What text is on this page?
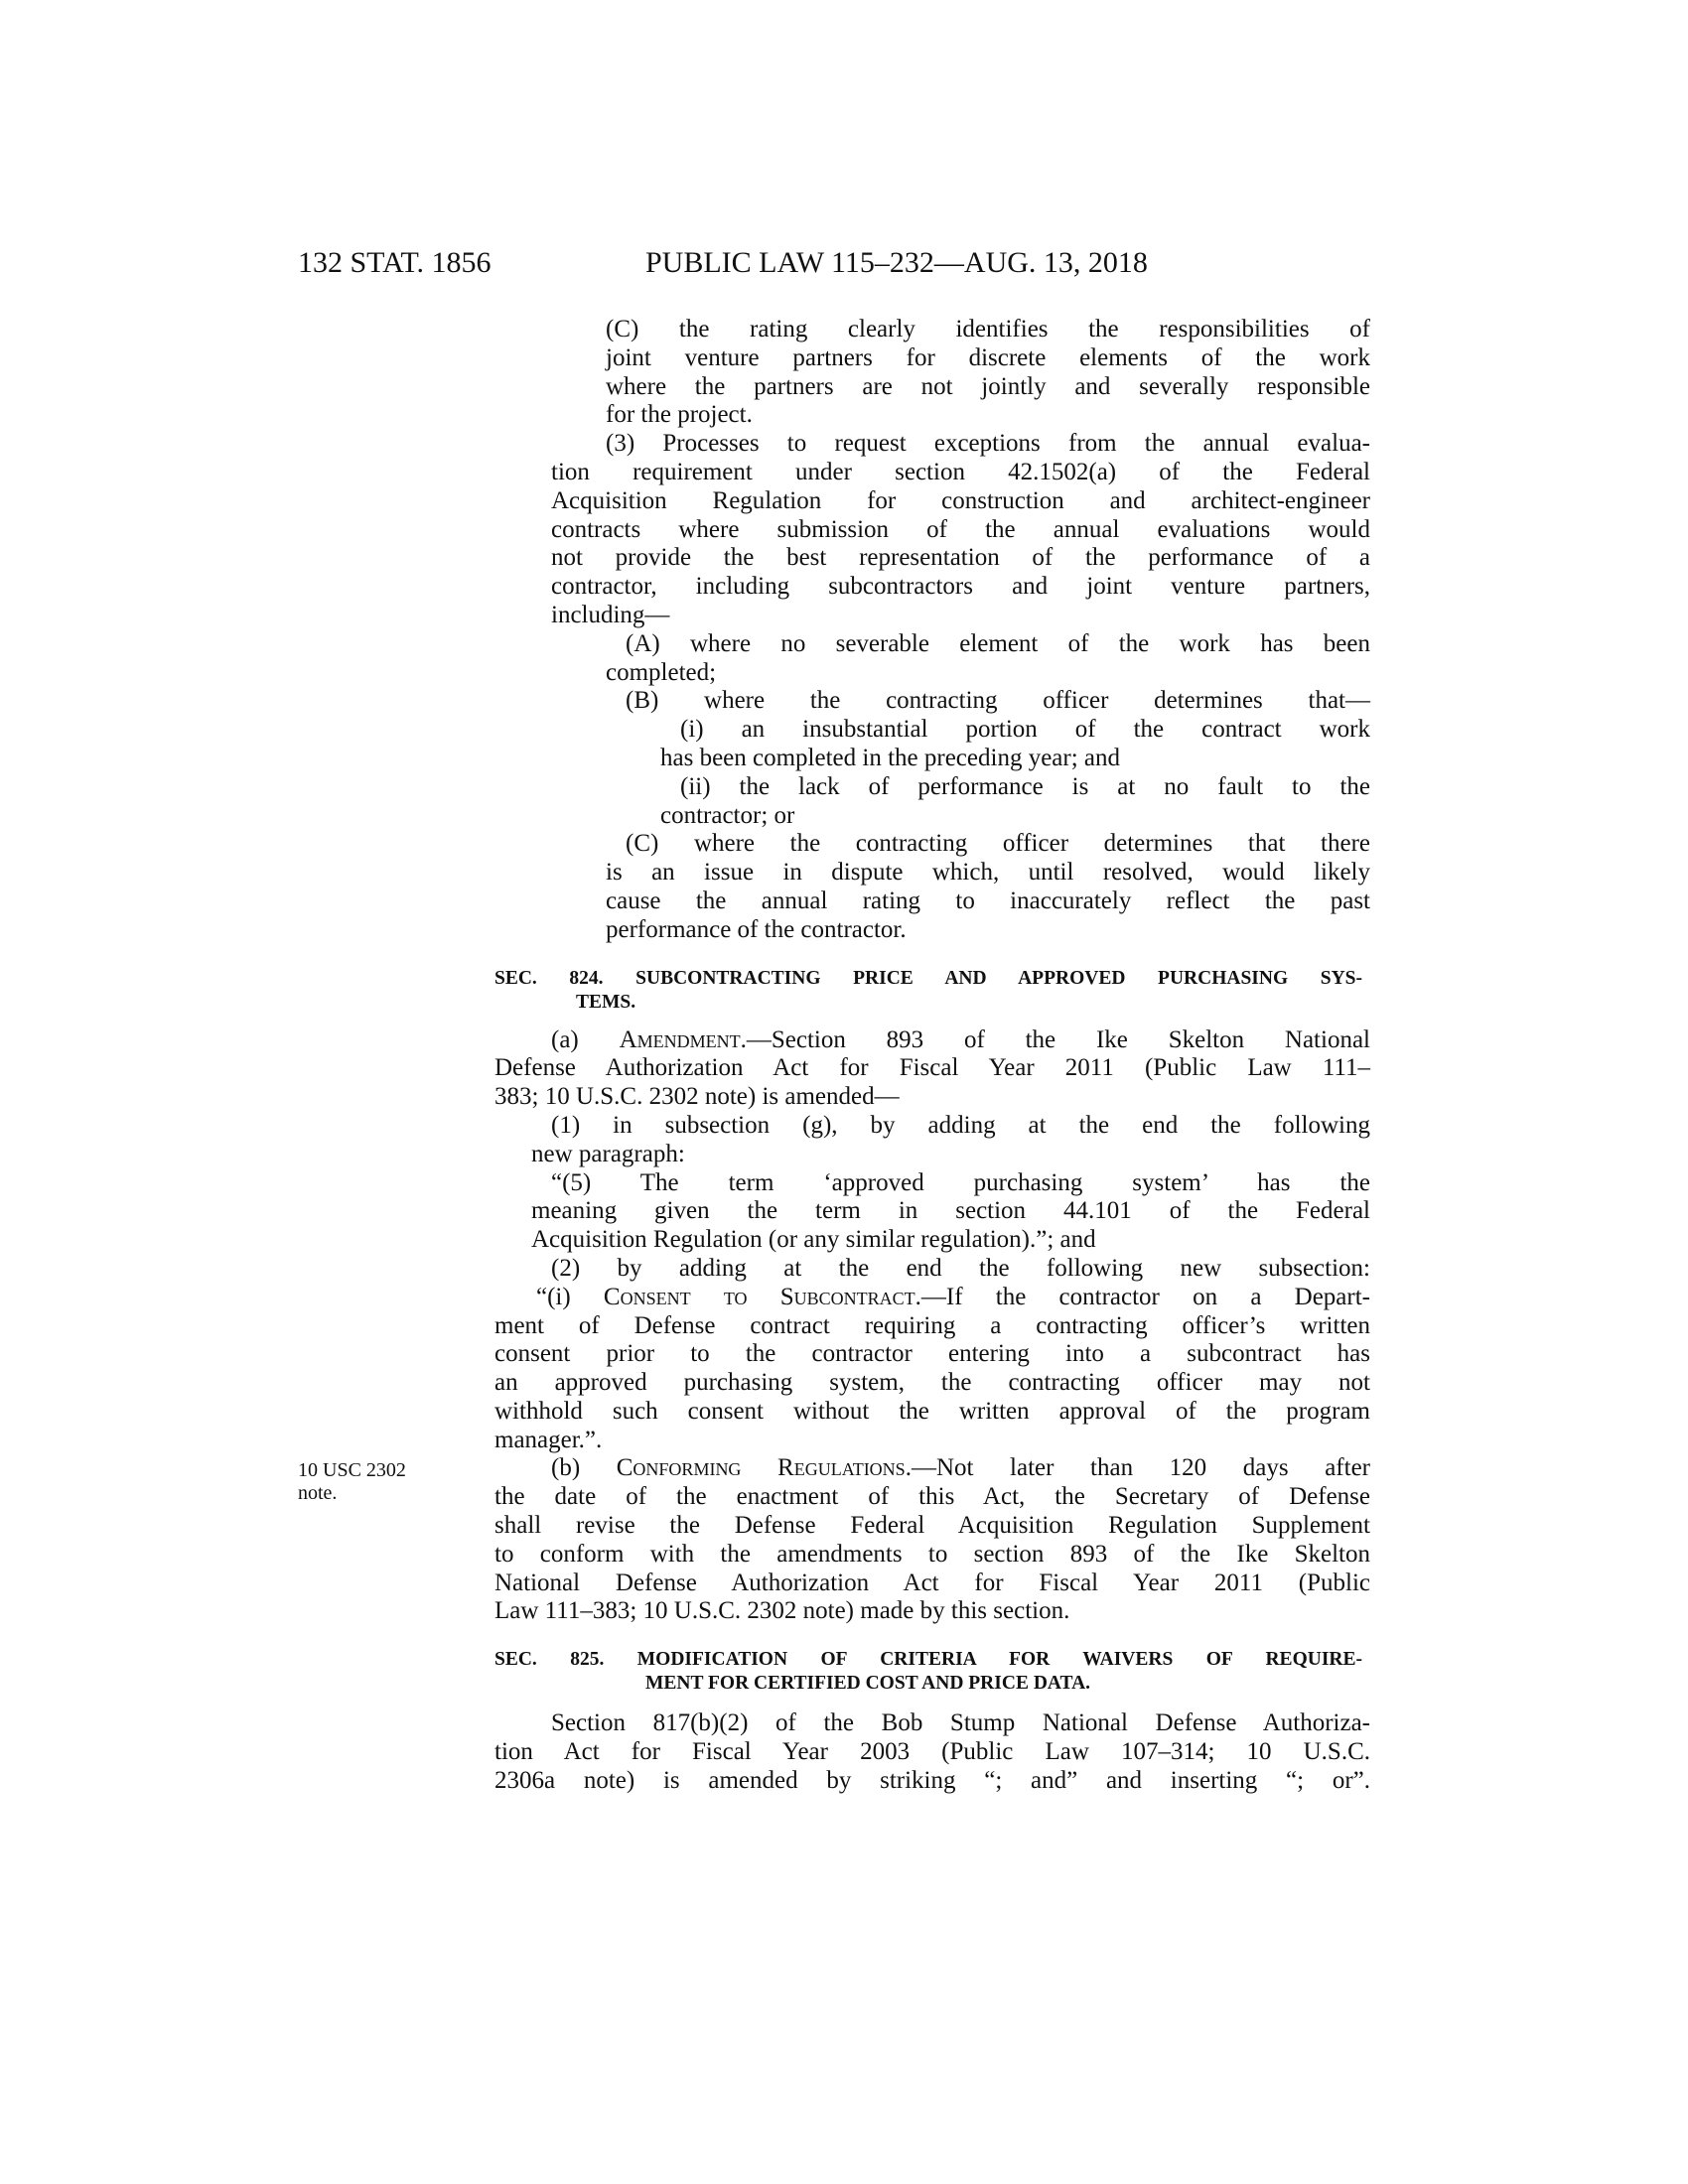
132 STAT. 1856	PUBLIC LAW 115–232—AUG. 13, 2018
10 USC 2302
note.
(C) the rating clearly identifies the responsibilities of
joint venture partners for discrete elements of the work
where the partners are not jointly and severally responsible
for the project.
(3) Processes to request exceptions from the annual evalua-
tion requirement under section 42.1502(a) of the Federal
Acquisition Regulation for construction and architect-engineer
contracts where submission of the annual evaluations would
not provide the best representation of the performance of a
contractor, including subcontractors and joint venture partners,
including—
(A) where no severable element of the work has been
completed;
(B) where the contracting officer determines that—
(i) an insubstantial portion of the contract work
has been completed in the preceding year; and
(ii) the lack of performance is at no fault to the
contractor; or
(C) where the contracting officer determines that there
is an issue in dispute which, until resolved, would likely
cause the annual rating to inaccurately reflect the past
performance of the contractor.
SEC. 824. SUBCONTRACTING PRICE AND APPROVED PURCHASING SYS-
TEMS.
(a) Amendment.—Section 893 of the Ike Skelton National
Defense Authorization Act for Fiscal Year 2011 (Public Law 111–
383; 10 U.S.C. 2302 note) is amended—
(1) in subsection (g), by adding at the end the following
new paragraph:
“(5) The term ‘approved purchasing system’ has the
meaning given the term in section 44.101 of the Federal
Acquisition Regulation (or any similar regulation).”; and
(2) by adding at the end the following new subsection:
“(i) Consent to Subcontract.—If the contractor on a Depart-
ment of Defense contract requiring a contracting officer’s written
consent prior to the contractor entering into a subcontract has
an approved purchasing system, the contracting officer may not
withhold such consent without the written approval of the program
manager.”.
(b) Conforming Regulations.—Not later than 120 days after
the date of the enactment of this Act, the Secretary of Defense
shall revise the Defense Federal Acquisition Regulation Supplement
to conform with the amendments to section 893 of the Ike Skelton
National Defense Authorization Act for Fiscal Year 2011 (Public
Law 111–383; 10 U.S.C. 2302 note) made by this section.
SEC. 825. MODIFICATION OF CRITERIA FOR WAIVERS OF REQUIRE-
MENT FOR CERTIFIED COST AND PRICE DATA.
Section 817(b)(2) of the Bob Stump National Defense Authoriza-
tion Act for Fiscal Year 2003 (Public Law 107–314; 10 U.S.C.
2306a note) is amended by striking “; and” and inserting “; or”.
